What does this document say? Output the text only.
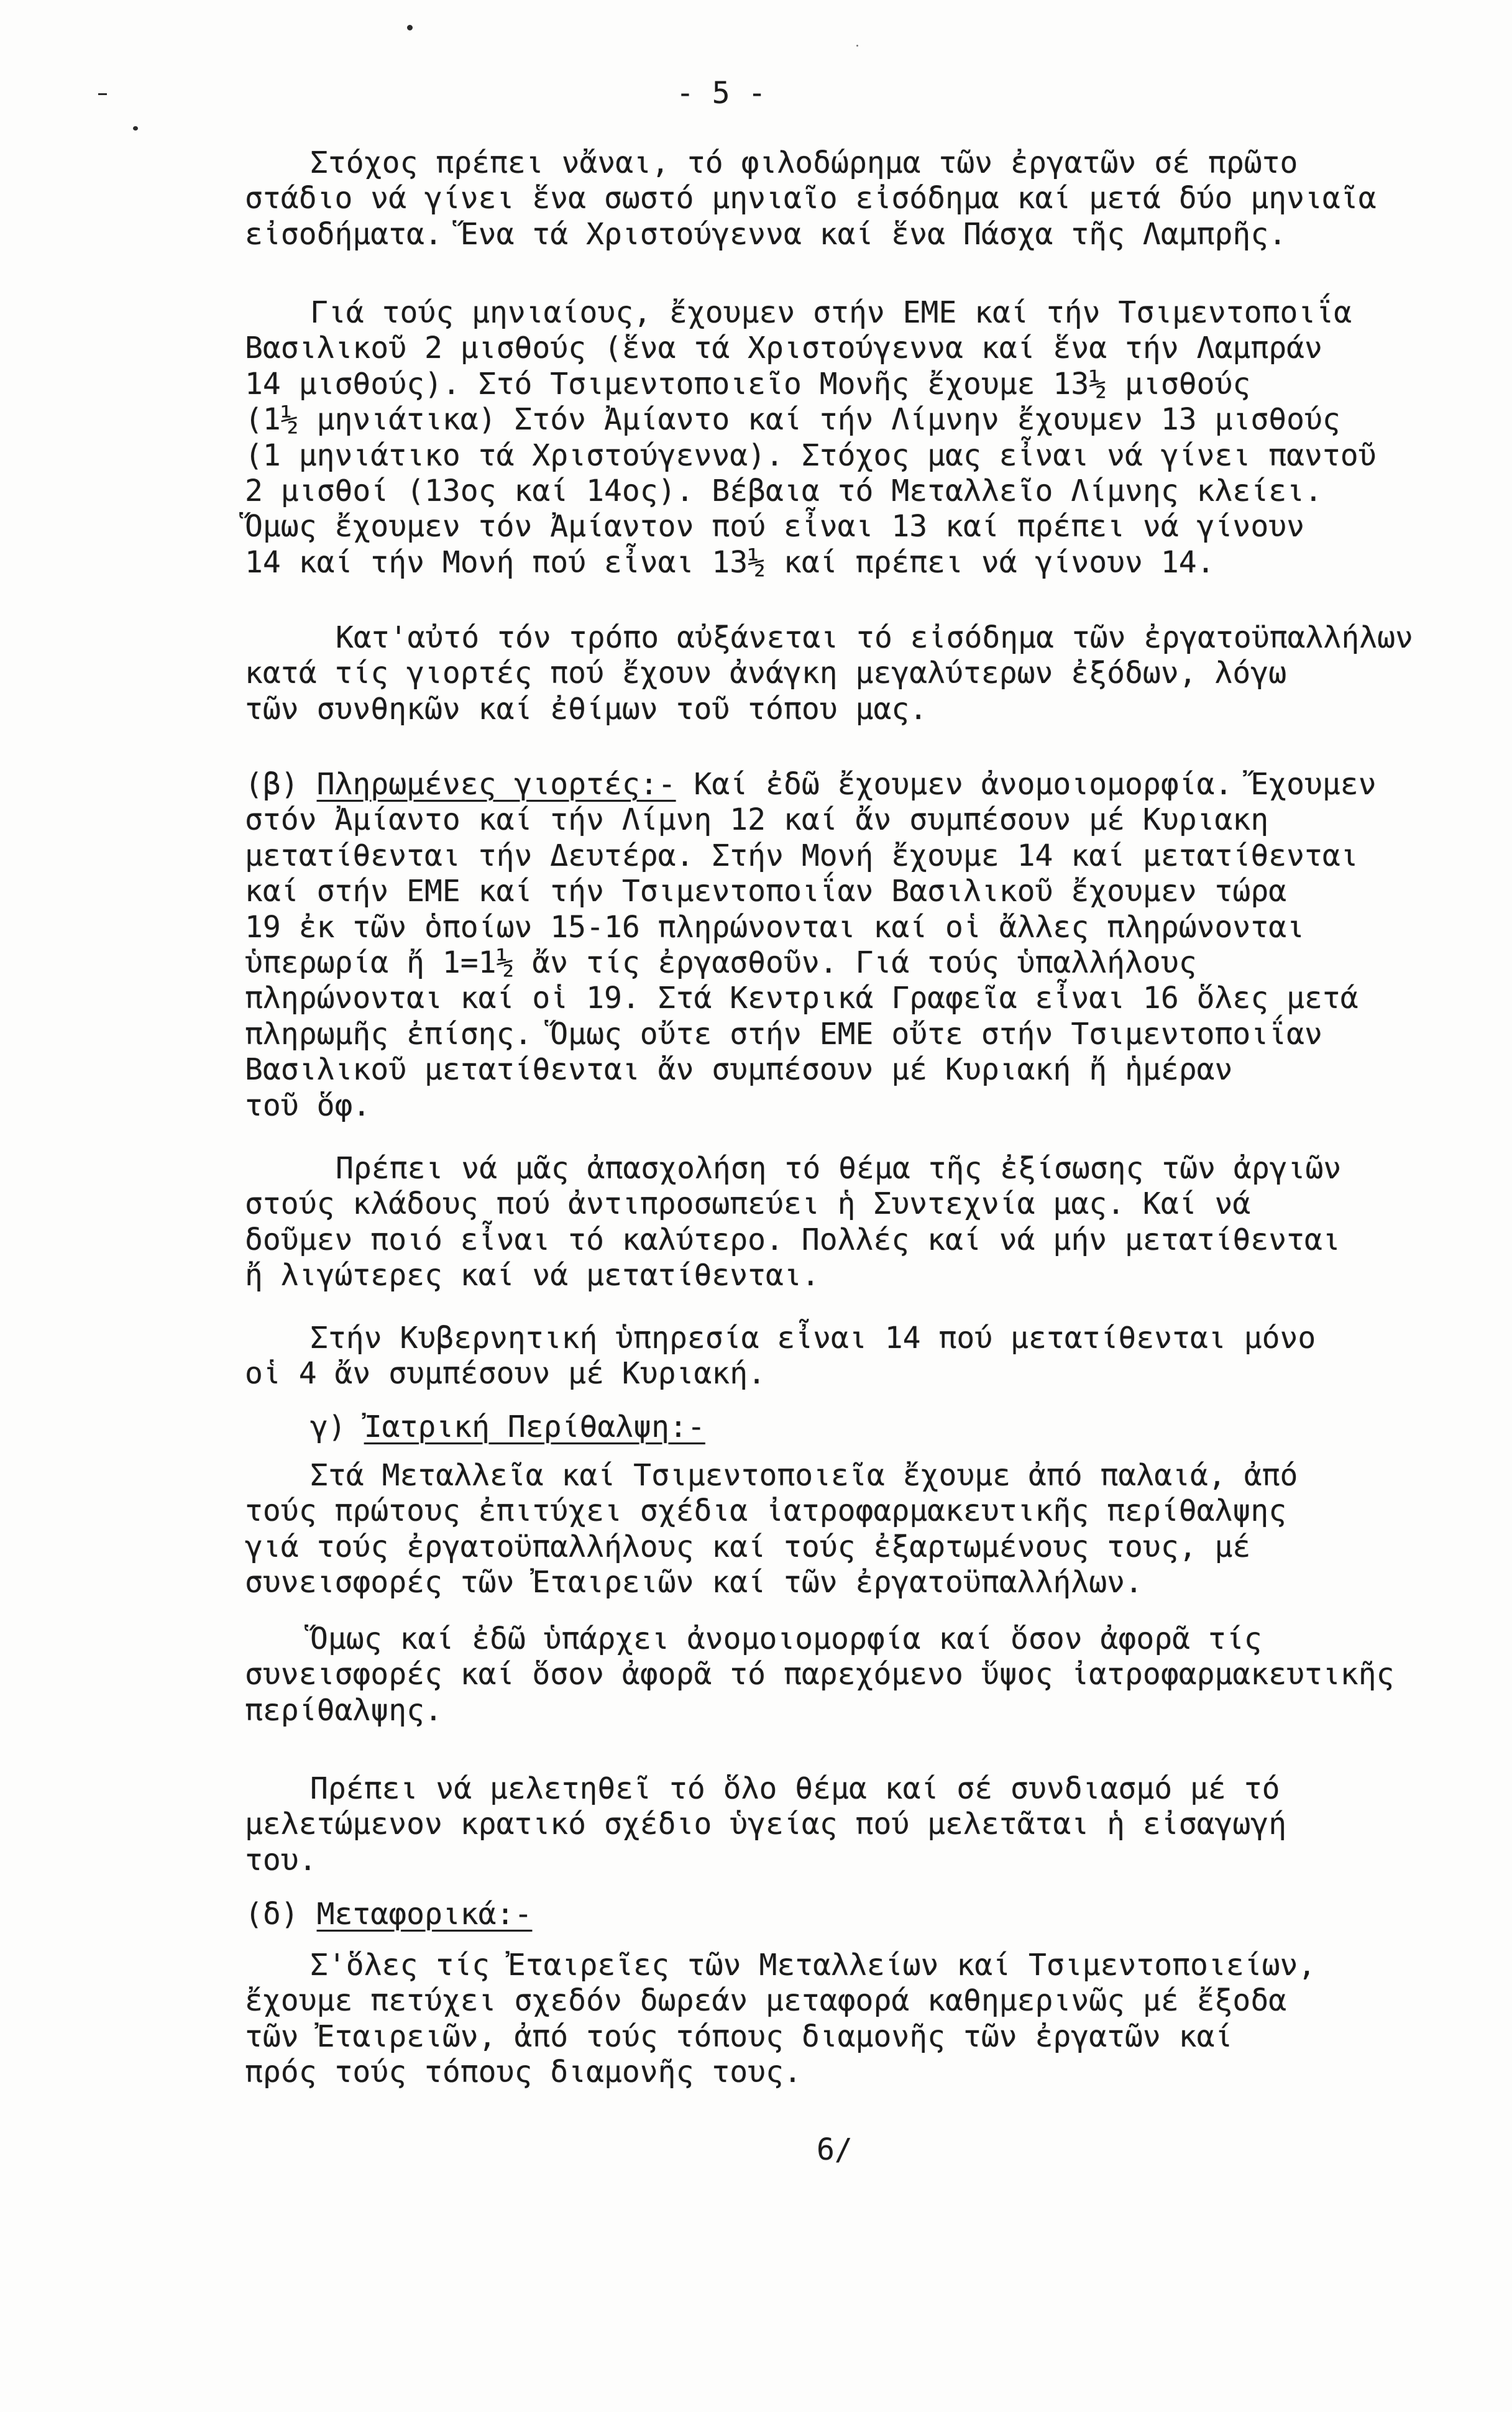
- 5 -

Στόχος πρέπει νἄναι, τό φιλοδώρημα τῶν ἐργατῶν σέ πρῶτο
στάδιο νά γίνει ἕνα σωστό μηνιαῖο εἰσόδημα καί μετά δύο μηνιαῖα
εἰσοδήματα. Ἕνα τά Χριστούγεννα καί ἕνα Πάσχα τῆς Λαμπρῆς.

Γιά τούς μηνιαίους, ἔχουμεν στήν ΕΜΕ καί τήν Τσιμεντοποιΐα
Βασιλικοῦ 2 μισθούς (ἕνα τά Χριστούγεννα καί ἕνα τήν Λαμπράν
14 μισθούς). Στό Τσιμεντοποιεῖο Μονῆς ἔχουμε 13½ μισθούς
(1½ μηνιάτικα) Στόν Ἀμίαντο καί τήν Λίμνην ἔχουμεν 13 μισθούς
(1 μηνιάτικο τά Χριστούγεννα). Στόχος μας εἶναι νά γίνει παντοῦ
2 μισθοί (13ος καί 14ος). Βέβαια τό Μεταλλεῖο Λίμνης κλείει.
Ὅμως ἔχουμεν τόν Ἀμίαντον πού εἶναι 13 καί πρέπει νά γίνουν
14 καί τήν Μονή πού εἶναι 13½ καί πρέπει νά γίνουν 14.

Κατ'αὐτό τόν τρόπο αὐξάνεται τό εἰσόδημα τῶν ἐργατοϋπαλλήλων
κατά τίς γιορτές πού ἔχουν ἀνάγκη μεγαλύτερων ἐξόδων, λόγω
τῶν συνθηκῶν καί ἐθίμων τοῦ τόπου μας.

(β) Πληρωμένες γιορτές:- Καί ἐδῶ ἔχουμεν ἀνομοιομορφία. Ἔχουμεν
στόν Ἀμίαντο καί τήν Λίμνη 12 καί ἄν συμπέσουν μέ Κυριακη
μετατίθενται τήν Δευτέρα. Στήν Μονή ἔχουμε 14 καί μετατίθενται
καί στήν ΕΜΕ καί τήν Τσιμεντοποιΐαν Βασιλικοῦ ἔχουμεν τώρα
19 ἐκ τῶν ὁποίων 15-16 πληρώνονται καί οἱ ἄλλες πληρώνονται
ὑπερωρία ἤ 1=1½ ἄν τίς ἐργασθοῦν. Γιά τούς ὑπαλλήλους
πληρώνονται καί οἱ 19. Στά Κεντρικά Γραφεῖα εἶναι 16 ὅλες μετά
πληρωμῆς ἐπίσης. Ὅμως οὔτε στήν ΕΜΕ οὔτε στήν Τσιμεντοποιΐαν
Βασιλικοῦ μετατίθενται ἄν συμπέσουν μέ Κυριακή ἤ ἡμέραν
τοῦ ὅφ.

Πρέπει νά μᾶς ἀπασχολήση τό θέμα τῆς ἐξίσωσης τῶν ἀργιῶν
στούς κλάδους πού ἀντιπροσωπεύει ἡ Συντεχνία μας. Καί νά
δοῦμεν ποιό εἶναι τό καλύτερο. Πολλές καί νά μήν μετατίθενται
ἤ λιγώτερες καί νά μετατίθενται.

Στήν Κυβερνητική ὑπηρεσία εἶναι 14 πού μετατίθενται μόνο
οἱ 4 ἄν συμπέσουν μέ Κυριακή.

γ) Ἰατρική Περίθαλψη:-

Στά Μεταλλεῖα καί Τσιμεντοποιεῖα ἔχουμε ἀπό παλαιά, ἀπό
τούς πρώτους ἐπιτύχει σχέδια ἰατροφαρμακευτικῆς περίθαλψης
γιά τούς ἐργατοϋπαλλήλους καί τούς ἐξαρτωμένους τους, μέ
συνεισφορές τῶν Ἐταιρειῶν καί τῶν ἐργατοϋπαλλήλων.

Ὅμως καί ἐδῶ ὑπάρχει ἀνομοιομορφία καί ὅσον ἀφορᾶ τίς
συνεισφορές καί ὅσον ἀφορᾶ τό παρεχόμενο ὕψος ἰατροφαρμακευτικῆς
περίθαλψης.

Πρέπει νά μελετηθεῖ τό ὅλο θέμα καί σέ συνδιασμό μέ τό
μελετώμενον κρατικό σχέδιο ὑγείας πού μελετᾶται ἡ εἰσαγωγή
του.

(δ) Μεταφορικά:-

Σ'ὅλες τίς Ἐταιρεῖες τῶν Μεταλλείων καί Τσιμεντοποιείων,
ἔχουμε πετύχει σχεδόν δωρεάν μεταφορά καθημερινῶς μέ ἔξοδα
τῶν Ἐταιρειῶν, ἀπό τούς τόπους διαμονῆς τῶν ἐργατῶν καί
πρός τούς τόπους διαμονῆς τους.

6/
